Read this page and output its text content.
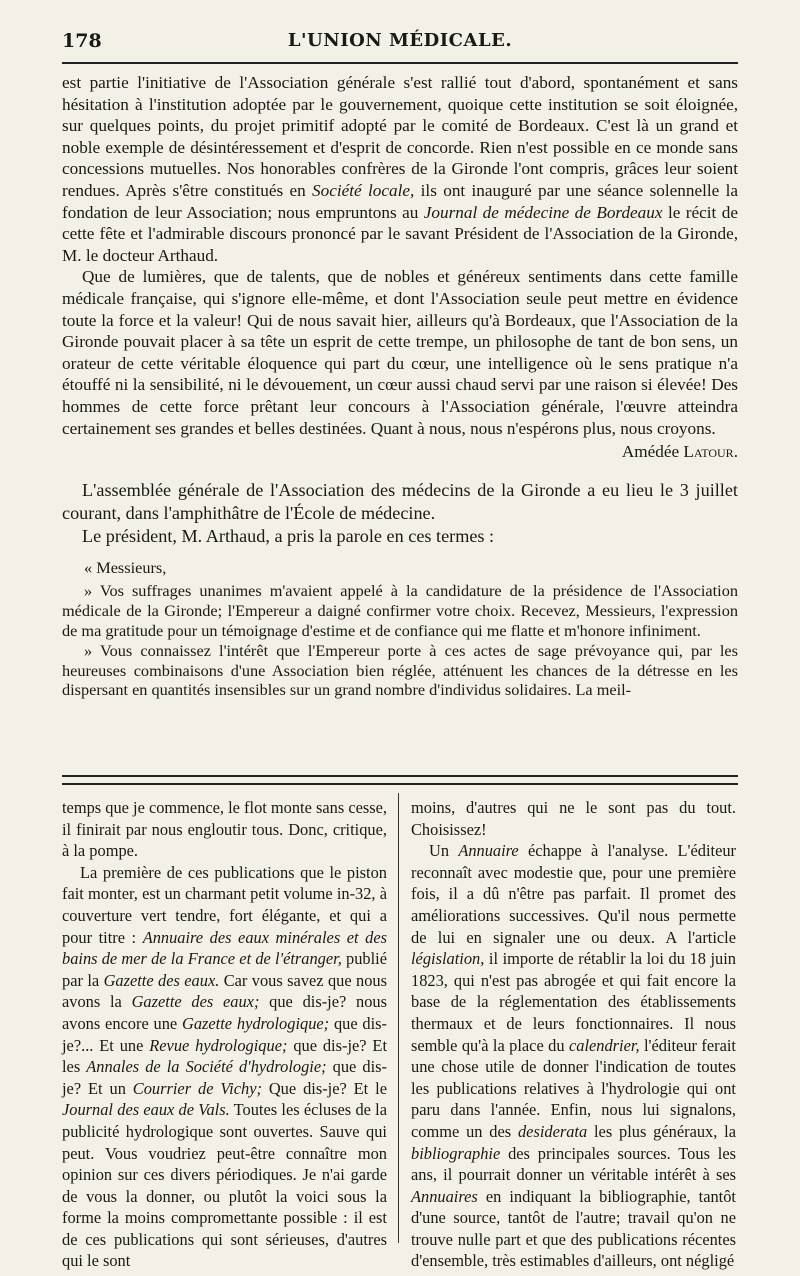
178	L'UNION MÉDICALE.

est partie l'initiative de l'Association générale s'est rallié tout d'abord, spontanément et sans hésitation à l'institution adoptée par le gouvernement, quoique cette institution se soit éloignée, sur quelques points, du projet primitif adopté par le comité de Bordeaux. C'est là un grand et noble exemple de désintéressement et d'esprit de concorde. Rien n'est possible en ce monde sans concessions mutuelles. Nos honorables confrères de la Gironde l'ont compris, grâces leur soient rendues. Après s'être constitués en Société locale, ils ont inauguré par une séance solennelle la fondation de leur Association; nous empruntons au Journal de médecine de Bordeaux le récit de cette fête et l'admirable discours prononcé par le savant Président de l'Association de la Gironde, M. le docteur Arthaud.

Que de lumières, que de talents, que de nobles et généreux sentiments dans cette famille médicale française, qui s'ignore elle-même, et dont l'Association seule peut mettre en évidence toute la force et la valeur! Qui de nous savait hier, ailleurs qu'à Bordeaux, que l'Association de la Gironde pouvait placer à sa tête un esprit de cette trempe, un philosophe de tant de bon sens, un orateur de cette véritable éloquence qui part du cœur, une intelligence où le sens pratique n'a étouffé ni la sensibilité, ni le dévouement, un cœur aussi chaud servi par une raison si élevée! Des hommes de cette force prêtant leur concours à l'Association générale, l'œuvre atteindra certainement ses grandes et belles destinées. Quant à nous, nous n'espérons plus, nous croyons.

Amédée Latour.

L'assemblée générale de l'Association des médecins de la Gironde a eu lieu le 3 juillet courant, dans l'amphithâtre de l'École de médecine.

Le président, M. Arthaud, a pris la parole en ces termes :

« Messieurs,

» Vos suffrages unanimes m'avaient appelé à la candidature de la présidence de l'Association médicale de la Gironde; l'Empereur a daigné confirmer votre choix. Recevez, Messieurs, l'expression de ma gratitude pour un témoignage d'estime et de confiance qui me flatte et m'honore infiniment.

» Vous connaissez l'intérêt que l'Empereur porte à ces actes de sage prévoyance qui, par les heureuses combinaisons d'une Association bien réglée, atténuent les chances de la détresse en les dispersant en quantités insensibles sur un grand nombre d'individus solidaires. La meil-

temps que je commence, le flot monte sans cesse, il finirait par nous engloutir tous. Donc, critique, à la pompe.

La première de ces publications que le piston fait monter, est un charmant petit volume in-32, à couverture vert tendre, fort élégante, et qui a pour titre : Annuaire des eaux minérales et des bains de mer de la France et de l'étranger, publié par la Gazette des eaux. Car vous savez que nous avons la Gazette des eaux; que dis-je? nous avons encore une Gazette hydrologique; que dis-je?... Et une Revue hydrologique; que dis-je? Et les Annales de la Société d'hydrologie; que dis-je? Et un Courrier de Vichy; Que dis-je? Et le Journal des eaux de Vals. Toutes les écluses de la publicité hydrologique sont ouvertes. Sauve qui peut. Vous voudriez peut-être connaître mon opinion sur ces divers périodiques. Je n'ai garde de vous la donner, ou plutôt la voici sous la forme la moins compromettante possible : il est de ces publications qui sont sérieuses, d'autres qui le sont

moins, d'autres qui ne le sont pas du tout. Choisissez!

Un Annuaire échappe à l'analyse. L'éditeur reconnaît avec modestie que, pour une première fois, il a dû n'être pas parfait. Il promet des améliorations successives. Qu'il nous permette de lui en signaler une ou deux. A l'article législation, il importe de rétablir la loi du 18 juin 1823, qui n'est pas abrogée et qui fait encore la base de la réglementation des établissements thermaux et de leurs fonctionnaires. Il nous semble qu'à la place du calendrier, l'éditeur ferait une chose utile de donner l'indication de toutes les publications relatives à l'hydrologie qui ont paru dans l'année. Enfin, nous lui signalons, comme un des desiderata les plus généraux, la bibliographie des principales sources. Tous les ans, il pourrait donner un véritable intérêt à ses Annuaires en indiquant la bibliographie, tantôt d'une source, tantôt de l'autre; travail qu'on ne trouve nulle part et que des publications récentes d'ensemble, très estimables d'ailleurs, ont négligé
